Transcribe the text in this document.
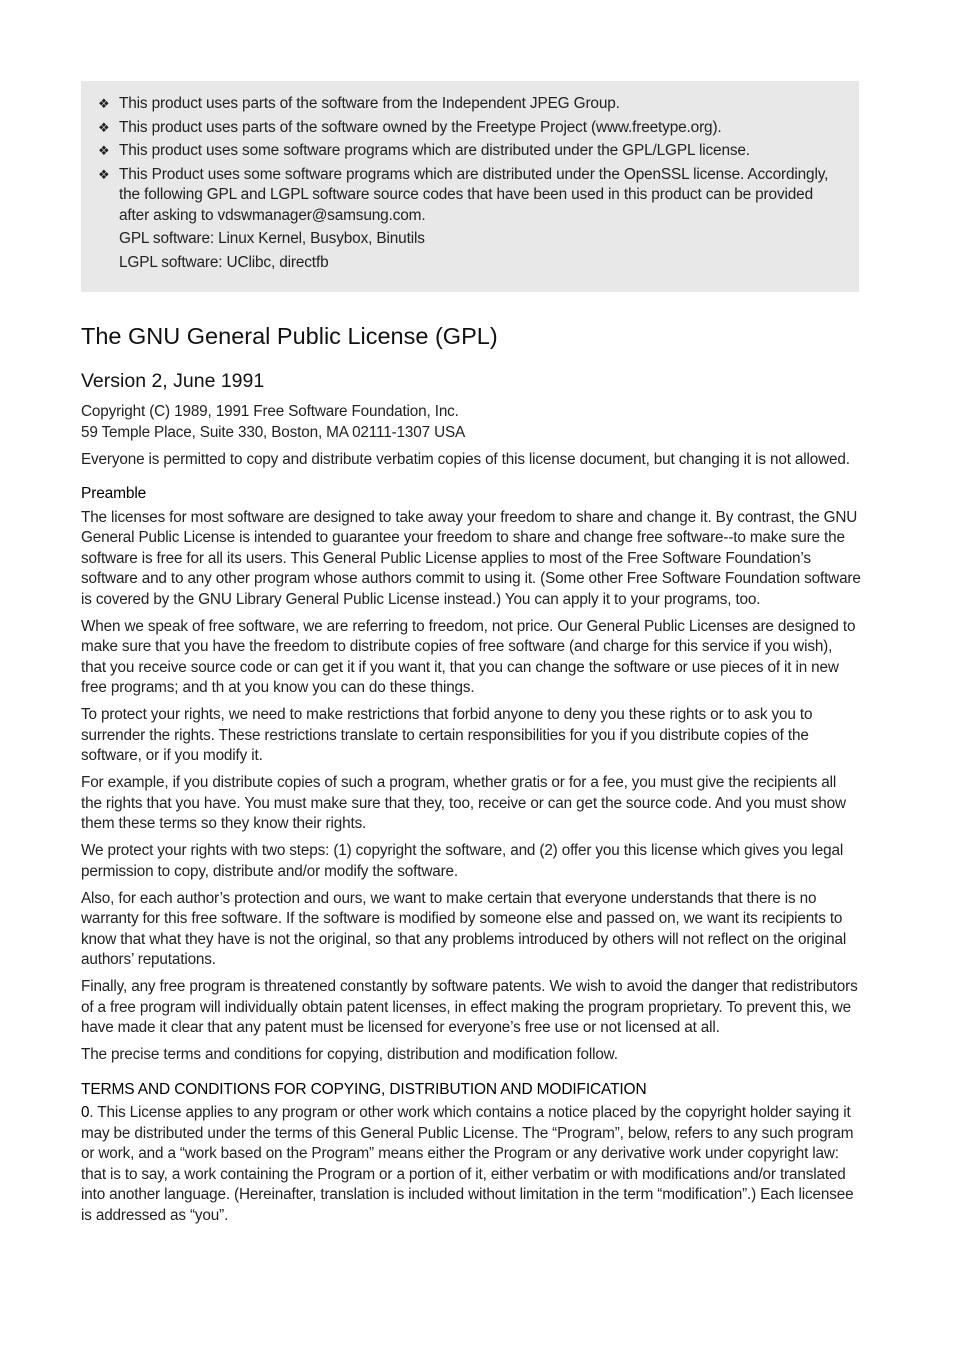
❖ This product uses parts of the software from the Independent JPEG Group.
❖ This product uses parts of the software owned by the Freetype Project (www.freetype.org).
❖ This product uses some software programs which are distributed under the GPL/LGPL license.
❖ This Product uses some software programs which are distributed under the OpenSSL license. Accordingly, the following GPL and LGPL software source codes that have been used in this product can be provided after asking to vdswmanager@samsung.com.
GPL software: Linux Kernel, Busybox, Binutils
LGPL software: UClibc, directfb
The GNU General Public License (GPL)
Version 2, June 1991

Copyright (C) 1989, 1991 Free Software Foundation, Inc.
59 Temple Place, Suite 330, Boston, MA 02111-1307 USA

Everyone is permitted to copy and distribute verbatim copies of this license document, but changing it is not allowed.

Preamble

The licenses for most software are designed to take away your freedom to share and change it. By contrast, the GNU General Public License is intended to guarantee your freedom to share and change free software--to make sure the software is free for all its users. This General Public License applies to most of the Free Software Foundation’s software and to any other program whose authors commit to using it. (Some other Free Software Foundation software is covered by the GNU Library General Public License instead.) You can apply it to your programs, too.

When we speak of free software, we are referring to freedom, not price. Our General Public Licenses are designed to make sure that you have the freedom to distribute copies of free software (and charge for this service if you wish), that you receive source code or can get it if you want it, that you can change the software or use pieces of it in new free programs; and th at you know you can do these things.

To protect your rights, we need to make restrictions that forbid anyone to deny you these rights or to ask you to surrender the rights. These restrictions translate to certain responsibilities for you if you distribute copies of the software, or if you modify it.

For example, if you distribute copies of such a program, whether gratis or for a fee, you must give the recipients all the rights that you have. You must make sure that they, too, receive or can get the source code. And you must show them these terms so they know their rights.

We protect your rights with two steps: (1) copyright the software, and (2) offer you this license which gives you legal permission to copy, distribute and/or modify the software.

Also, for each author’s protection and ours, we want to make certain that everyone understands that there is no warranty for this free software. If the software is modified by someone else and passed on, we want its recipients to know that what they have is not the original, so that any problems introduced by others will not reflect on the original authors’ reputations.

Finally, any free program is threatened constantly by software patents. We wish to avoid the danger that redistributors of a free program will individually obtain patent licenses, in effect making the program proprietary. To prevent this, we have made it clear that any patent must be licensed for everyone’s free use or not licensed at all.

The precise terms and conditions for copying, distribution and modification follow.

TERMS AND CONDITIONS FOR COPYING, DISTRIBUTION AND MODIFICATION

0. This License applies to any program or other work which contains a notice placed by the copyright holder saying it may be distributed under the terms of this General Public License. The “Program”, below, refers to any such program or work, and a “work based on the Program” means either the Program or any derivative work under copyright law: that is to say, a work containing the Program or a portion of it, either verbatim or with modifications and/or translated into another language. (Hereinafter, translation is included without limitation in the term “modification”.) Each licensee is addressed as “you”.
